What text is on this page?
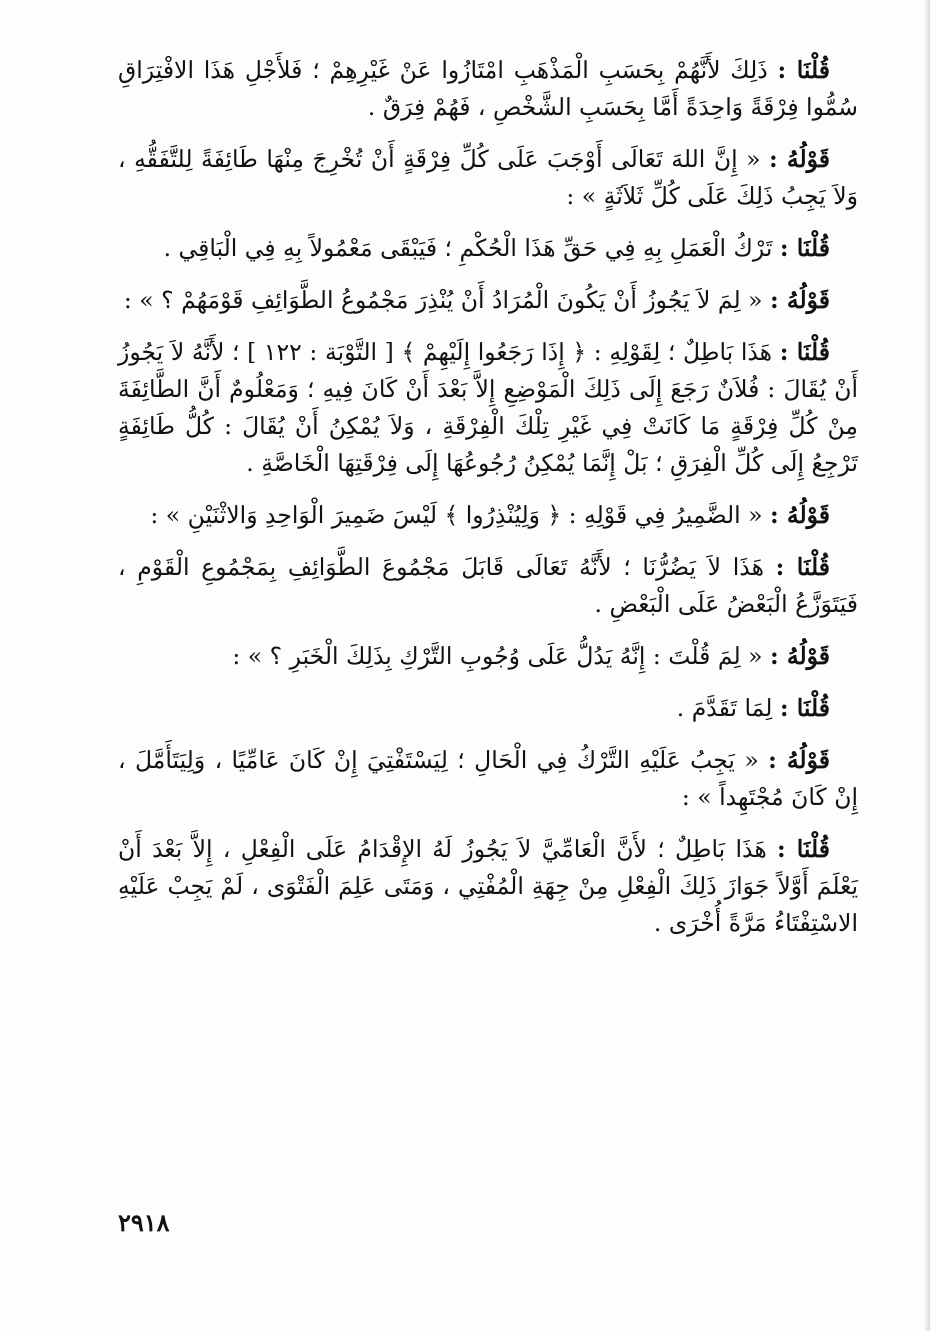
قُلْنَا : ذَلِكَ لأَنَّهُمْ بِحَسَبِ الْمَذْهَبِ امْتَازُوا عَنْ غَيْرِهِمْ ؛ فَلأَجْلِ هَذَا الافْتِرَاقِ سُمُّوا فِرْقَةً وَاحِدَةً أَمَّا بِحَسَبِ الشَّخْصِ ، فَهُمْ فِرَقٌ .

قَوْلُهُ : « إِنَّ اللهَ تَعَالَى أَوْجَبَ عَلَى كُلِّ فِرْقَةٍ أَنْ تُخْرِجَ مِنْهَا طَائِفَةً لِلتَّفَقُّهِ ، وَلاَ يَجِبُ ذَلِكَ عَلَى كُلِّ ثَلاَثَةٍ » :

قُلْنَا : تَرْكُ الْعَمَلِ بِهِ فِي حَقِّ هَذَا الْحُكْمِ ؛ فَيَبْقَى مَعْمُولاً بِهِ فِي الْبَاقِي .

قَوْلُهُ : « لِمَ لاَ يَجُوزُ أَنْ يَكُونَ الْمُرَادُ أَنْ يُنْذِرَ مَجْمُوعُ الطَّوَائِفِ قَوْمَهُمْ ؟ » :

قُلْنَا : هَذَا بَاطِلٌ ؛ لِقَوْلِهِ : ﴿ إِذَا رَجَعُوا إِلَيْهِمْ ﴾ [ التَّوْبَة : ١٢٢ ] ؛ لأَنَّهُ لاَ يَجُوزُ أَنْ يُقَالَ : فُلاَنٌ رَجَعَ إِلَى ذَلِكَ الْمَوْضِعِ إِلاَّ بَعْدَ أَنْ كَانَ فِيهِ ؛ وَمَعْلُومٌ أَنَّ الطَّائِفَةَ مِنْ كُلِّ فِرْقَةٍ مَا كَانَتْ فِي غَيْرِ تِلْكَ الْفِرْقَةِ ، وَلاَ يُمْكِنُ أَنْ يُقَالَ : كُلُّ طَائِفَةٍ تَرْجِعُ إِلَى كُلِّ الْفِرَقِ ؛ بَلْ إِنَّمَا يُمْكِنُ رُجُوعُهَا إِلَى فِرْقَتِهَا الْخَاصَّةِ .

قَوْلُهُ : « الضَّمِيرُ فِي قَوْلِهِ : ﴿ وَلِيُنْذِرُوا ﴾ لَيْسَ ضَمِيرَ الْوَاحِدِ وَالاثْنَيْنِ » :

قُلْنَا : هَذَا لاَ يَضُرُّنَا ؛ لأَنَّهُ تَعَالَى قَابَلَ مَجْمُوعَ الطَّوَائِفِ بِمَجْمُوعِ الْقَوْمِ ، فَيَتَوَزَّعُ الْبَعْضُ عَلَى الْبَعْضِ .

قَوْلُهُ : « لِمَ قُلْتَ : إِنَّهُ يَدُلُّ عَلَى وُجُوبِ التَّرْكِ بِذَلِكَ الْخَبَرِ ؟ » :

قُلْنَا : لِمَا تَقَدَّمَ .

قَوْلُهُ : « يَجِبُ عَلَيْهِ التَّرْكُ فِي الْحَالِ ؛ لِيَسْتَفْتِيَ إِنْ كَانَ عَامِّيًا ، وَلِيَتَأَمَّلَ ، إِنْ كَانَ مُجْتَهِداً » :

قُلْنَا : هَذَا بَاطِلٌ ؛ لأَنَّ الْعَامِّيَّ لاَ يَجُوزُ لَهُ الإِقْدَامُ عَلَى الْفِعْلِ ، إِلاَّ بَعْدَ أَنْ يَعْلَمَ أَوَّلاً جَوَازَ ذَلِكَ الْفِعْلِ مِنْ جِهَةِ الْمُفْتِي ، وَمَتَى عَلِمَ الْفَتْوَى ، لَمْ يَجِبْ عَلَيْهِ الاسْتِفْتَاءُ مَرَّةً أُخْرَى .

٢٩١٨
